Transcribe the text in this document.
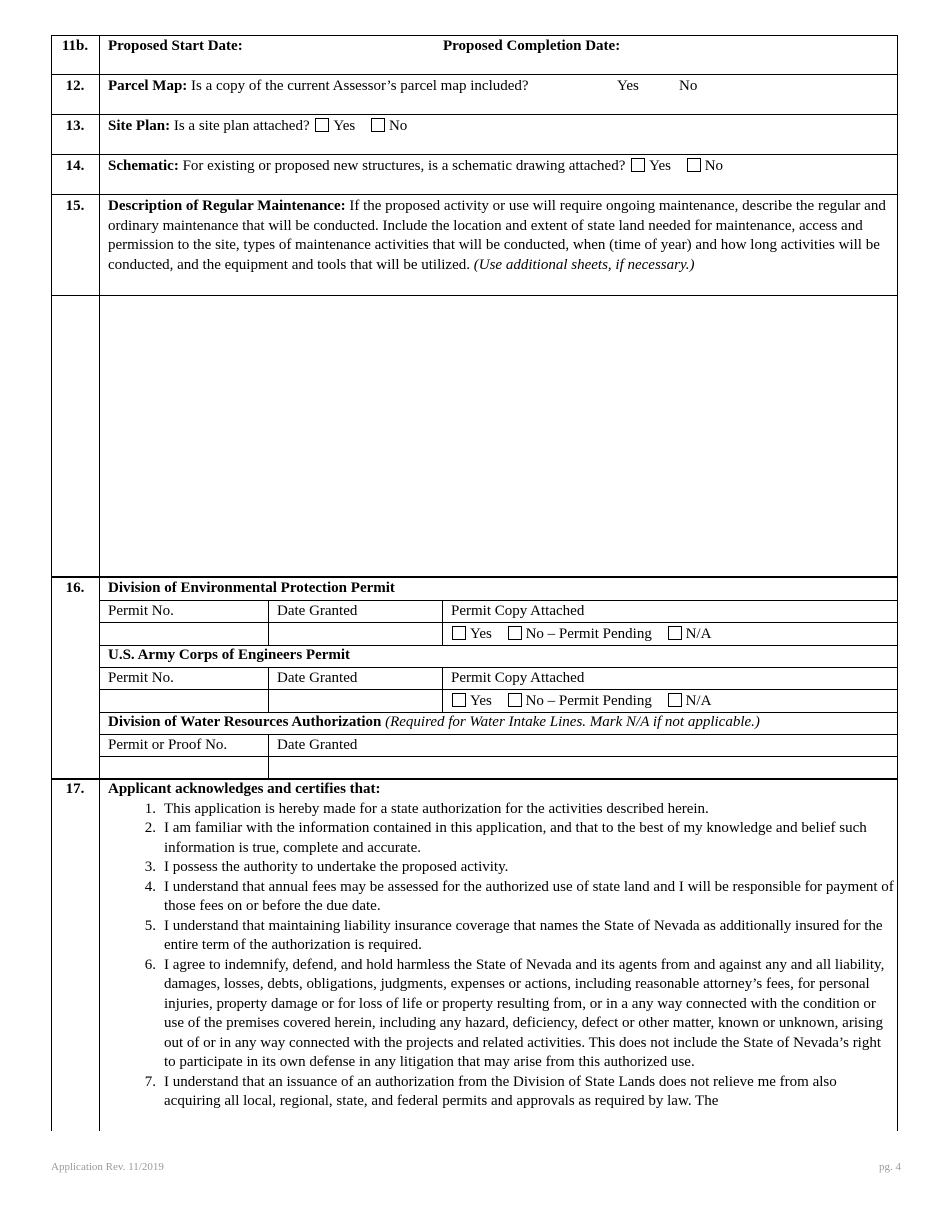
11b.	Proposed Start Date:	Proposed Completion Date:
12.	Parcel Map: Is a copy of the current Assessor’s parcel map included?	Yes	No
13.	Site Plan: Is a site plan attached? Yes No
14.	Schematic: For existing or proposed new structures, is a schematic drawing attached? Yes No
15.	Description of Regular Maintenance: If the proposed activity or use will require ongoing maintenance, describe the regular and ordinary maintenance that will be conducted. Include the location and extent of state land needed for maintenance, access and permission to the site, types of maintenance activities that will be conducted, when (time of year) and how long activities will be conducted, and the equipment and tools that will be utilized. (Use additional sheets, if necessary.)
16.	Division of Environmental Protection Permit
Permit No.	Date Granted	Permit Copy Attached
Yes No – Permit Pending N/A
U.S. Army Corps of Engineers Permit
Permit No.	Date Granted	Permit Copy Attached
Yes No – Permit Pending N/A
Division of Water Resources Authorization (Required for Water Intake Lines. Mark N/A if not applicable.)
Permit or Proof No.	Date Granted
17.	Applicant acknowledges and certifies that:
1. This application is hereby made for a state authorization for the activities described herein.
2. I am familiar with the information contained in this application, and that to the best of my knowledge and belief such information is true, complete and accurate.
3. I possess the authority to undertake the proposed activity.
4. I understand that annual fees may be assessed for the authorized use of state land and I will be responsible for payment of those fees on or before the due date.
5. I understand that maintaining liability insurance coverage that names the State of Nevada as additionally insured for the entire term of the authorization is required.
6. I agree to indemnify, defend, and hold harmless the State of Nevada and its agents from and against any and all liability, damages, losses, debts, obligations, judgments, expenses or actions, including reasonable attorney’s fees, for personal injuries, property damage or for loss of life or property resulting from, or in a any way connected with the condition or use of the premises covered herein, including any hazard, deficiency, defect or other matter, known or unknown, arising out of or in any way connected with the projects and related activities. This does not include the State of Nevada’s right to participate in its own defense in any litigation that may arise from this authorized use.
7. I understand that an issuance of an authorization from the Division of State Lands does not relieve me from also acquiring all local, regional, state, and federal permits and approvals as required by law. The
Application Rev. 11/2019	pg. 4
